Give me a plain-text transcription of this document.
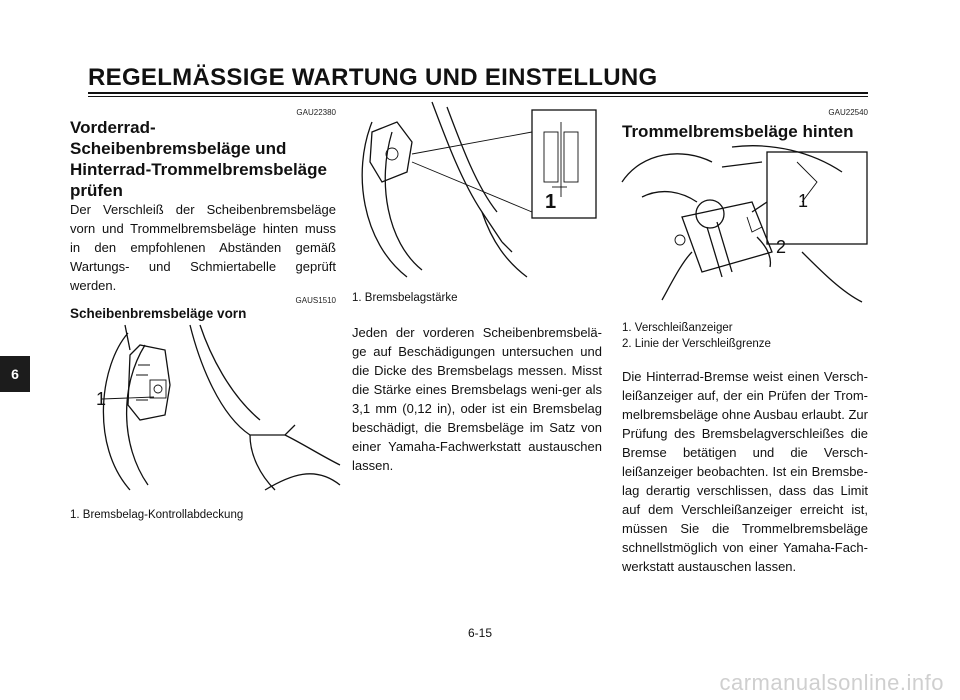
REGELMÄSSIGE WARTUNG UND EINSTELLUNG
6
GAU22380
Vorderrad-
Scheibenbremsbeläge und
Hinterrad-Trommelbremsbeläge
prüfen
Der Verschleiß der Scheibenbremsbeläge vorn und Trommelbremsbeläge hinten muss in den empfohlenen Abständen gemäß Wartungs- und Schmiertabelle geprüft werden.
GAUS1510
Scheibenbremsbeläge vorn
1
1. Bremsbelag-Kontrollabdeckung
1
1. Bremsbelagstärke
Jeden der vorderen Scheibenbremsbelä-ge auf Beschädigungen untersuchen und die Dicke des Bremsbelags messen. Misst die Stärke eines Bremsbelags weni-ger als 3,1 mm (0,12 in), oder ist ein Bremsbelag beschädigt, die Bremsbeläge im Satz von einer Yamaha-Fachwerkstatt austauschen lassen.
GAU22540
Trommelbremsbeläge hinten
1
2
1. Verschleißanzeiger
2. Linie der Verschleißgrenze
Die Hinterrad-Bremse weist einen Versch-leißanzeiger auf, der ein Prüfen der Trom-melbremsbeläge ohne Ausbau erlaubt. Zur Prüfung des Bremsbelagverschleißes die Bremse betätigen und die Versch-leißanzeiger beobachten. Ist ein Bremsbe-lag derartig verschlissen, dass das Limit auf dem Verschleißanzeiger erreicht ist, müssen Sie die Trommelbremsbeläge schnellstmöglich von einer Yamaha-Fach-werkstatt austauschen lassen.
6-15
carmanualsonline.info
